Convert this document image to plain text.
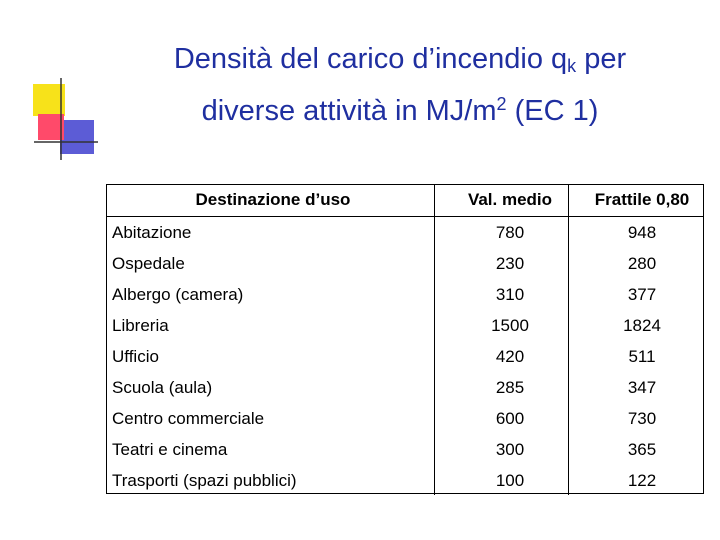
Densità del carico d’incendio $q_k$ per
diverse attività in $MJ/m^2$ (EC 1)
Destinazione d’uso	Val. medio	Frattile 0,80
Abitazione	780	948
Ospedale	230	280
Albergo (camera)	310	377
Libreria	1500	1824
Ufficio	420	511
Scuola (aula)	285	347
Centro commerciale	600	730
Teatri e cinema	300	365
Trasporti (spazi pubblici)	100	122
